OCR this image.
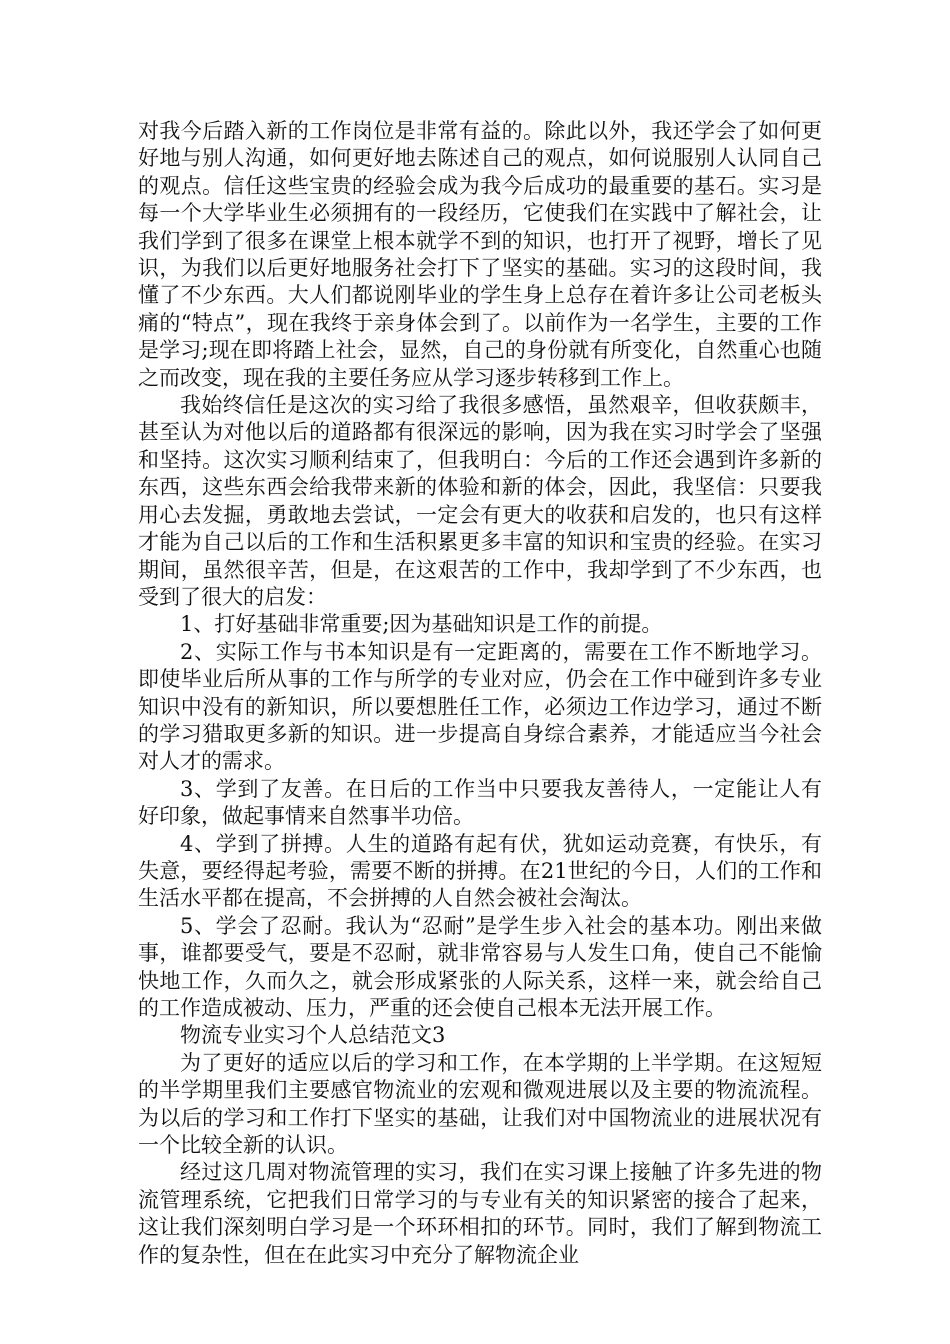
对我今后踏入新的工作岗位是非常有益的。除此以外，我还学会了如何更好地与别人沟通，如何更好地去陈述自己的观点，如何说服别人认同自己的观点。信任这些宝贵的经验会成为我今后成功的最重要的基石。实习是每一个大学毕业生必须拥有的一段经历，它使我们在实践中了解社会，让我们学到了很多在课堂上根本就学不到的知识，也打开了视野，增长了见识，为我们以后更好地服务社会打下了坚实的基础。实习的这段时间，我懂了不少东西。大人们都说刚毕业的学生身上总存在着许多让公司老板头痛的“特点”，现在我终于亲身体会到了。以前作为一名学生，主要的工作是学习;现在即将踏上社会，显然，自己的身份就有所变化，自然重心也随之而改变，现在我的主要任务应从学习逐步转移到工作上。

我始终信任是这次的实习给了我很多感悟，虽然艰辛，但收获颇丰，甚至认为对他以后的道路都有很深远的影响，因为我在实习时学会了坚强和坚持。这次实习顺利结束了，但我明白：今后的工作还会遇到许多新的东西，这些东西会给我带来新的体验和新的体会，因此，我坚信：只要我用心去发掘，勇敢地去尝试，一定会有更大的收获和启发的，也只有这样才能为自己以后的工作和生活积累更多丰富的知识和宝贵的经验。在实习期间，虽然很辛苦，但是，在这艰苦的工作中，我却学到了不少东西，也受到了很大的启发：

1、打好基础非常重要;因为基础知识是工作的前提。

2、实际工作与书本知识是有一定距离的，需要在工作不断地学习。即使毕业后所从事的工作与所学的专业对应，仍会在工作中碰到许多专业知识中没有的新知识，所以要想胜任工作，必须边工作边学习，通过不断的学习猎取更多新的知识。进一步提高自身综合素养，才能适应当今社会对人才的需求。

3、学到了友善。在日后的工作当中只要我友善待人，一定能让人有好印象，做起事情来自然事半功倍。

4、学到了拼搏。人生的道路有起有伏，犹如运动竞赛，有快乐，有失意，要经得起考验，需要不断的拼搏。在21世纪的今日，人们的工作和生活水平都在提高，不会拼搏的人自然会被社会淘汰。

5、学会了忍耐。我认为“忍耐”是学生步入社会的基本功。刚出来做事，谁都要受气，要是不忍耐，就非常容易与人发生口角，使自己不能愉快地工作，久而久之，就会形成紧张的人际关系，这样一来，就会给自己的工作造成被动、压力，严重的还会使自己根本无法开展工作。

物流专业实习个人总结范文3

为了更好的适应以后的学习和工作，在本学期的上半学期。在这短短的半学期里我们主要感官物流业的宏观和微观进展以及主要的物流流程。为以后的学习和工作打下坚实的基础，让我们对中国物流业的进展状况有一个比较全新的认识。

经过这几周对物流管理的实习，我们在实习课上接触了许多先进的物流管理系统，它把我们日常学习的与专业有关的知识紧密的接合了起来，这让我们深刻明白学习是一个环环相扣的环节。同时，我们了解到物流工作的复杂性，但在在此实习中充分了解物流企业
